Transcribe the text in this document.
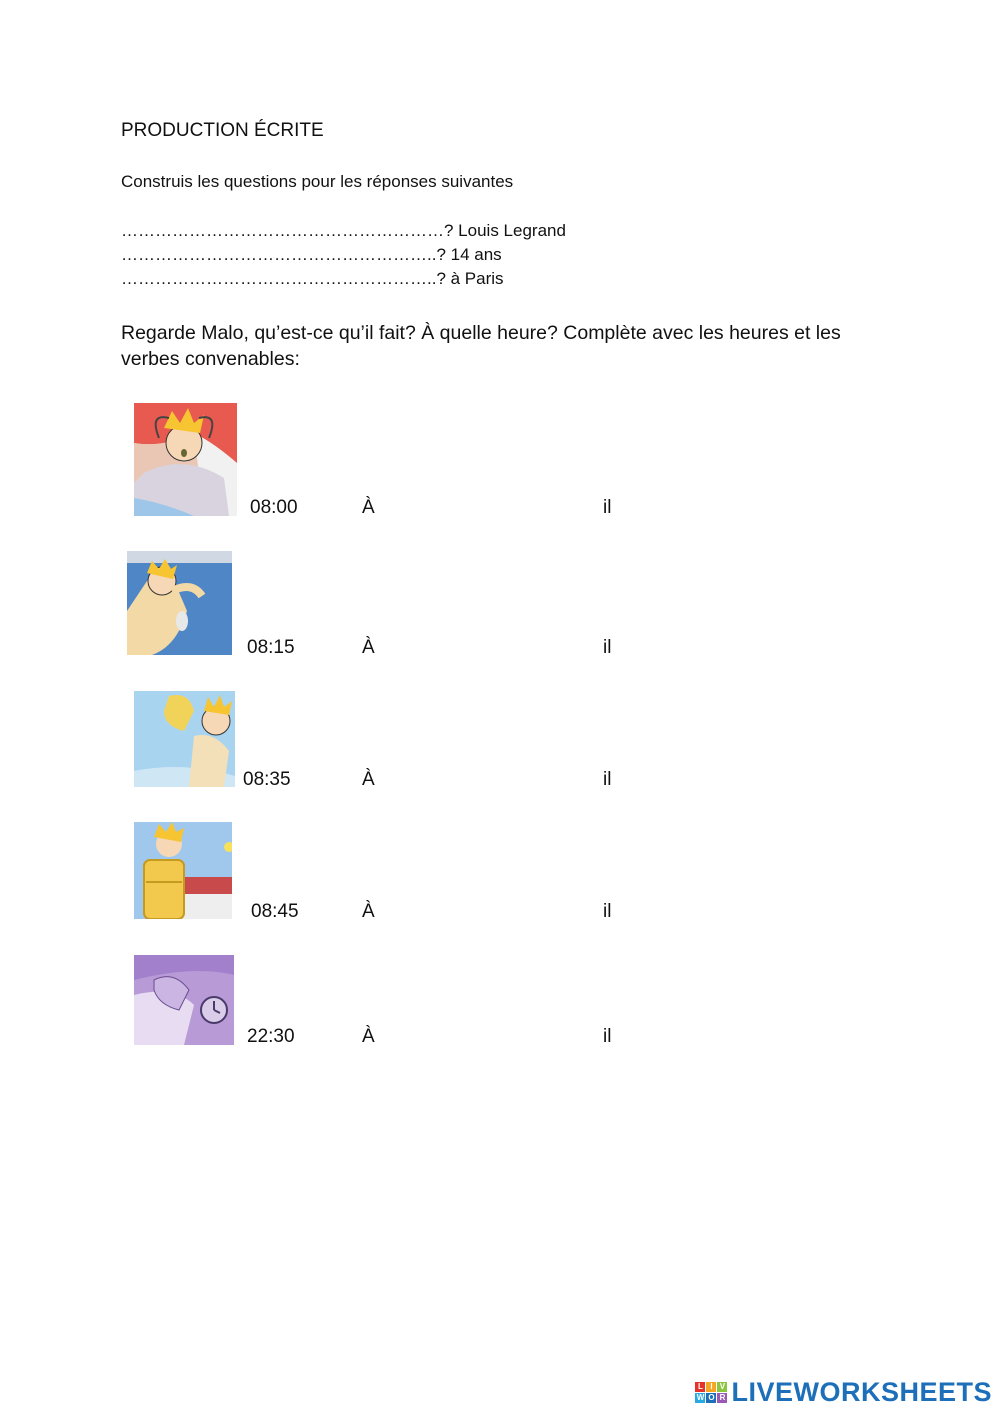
PRODUCTION ÉCRITE
Construis les questions pour les réponses suivantes
…………………………………………………? Louis Legrand
………………………………………………..? 14 ans
………………………………………………..? à Paris
Regarde Malo, qu’est-ce qu’il fait? À quelle heure? Complète avec les heures et les verbes convenables:
08:00	À	il
08:15	À	il
08:35	À	il
08:45	À	il
22:30	À	il
L I V
W O R LIVEWORKSHEETS
